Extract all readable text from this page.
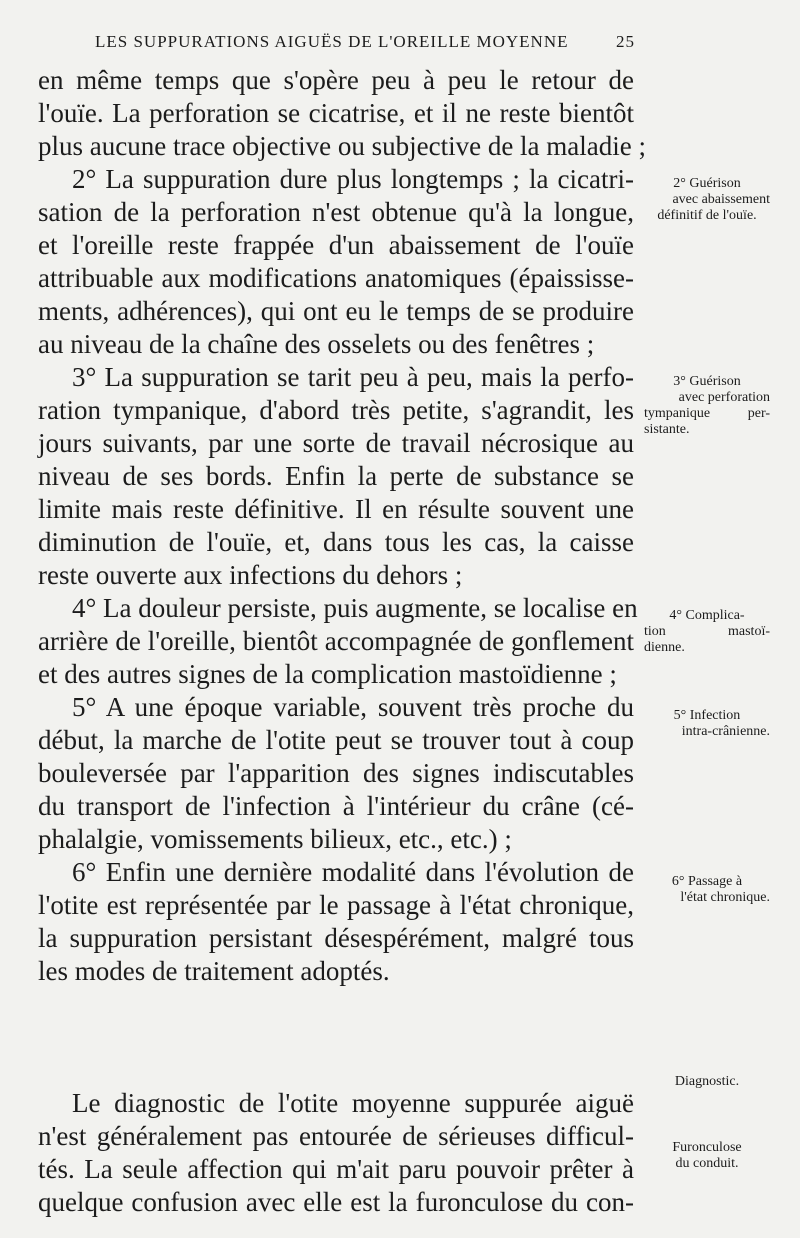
LES SUPPURATIONS AIGUËS DE L'OREILLE MOYENNE	25
en même temps que s'opère peu à peu le retour de
l'ouïe. La perforation se cicatrise, et il ne reste bientôt
plus aucune trace objective ou subjective de la maladie ;
2° La suppuration dure plus longtemps ; la cicatri-
sation de la perforation n'est obtenue qu'à la longue,
et l'oreille reste frappée d'un abaissement de l'ouïe
attribuable aux modifications anatomiques (épaississe-
ments, adhérences), qui ont eu le temps de se produire
au niveau de la chaîne des osselets ou des fenêtres ;
3° La suppuration se tarit peu à peu, mais la perfo-
ration tympanique, d'abord très petite, s'agrandit, les
jours suivants, par une sorte de travail nécrosique au
niveau de ses bords. Enfin la perte de substance se
limite mais reste définitive. Il en résulte souvent une
diminution de l'ouïe, et, dans tous les cas, la caisse
reste ouverte aux infections du dehors ;
4° La douleur persiste, puis augmente, se localise en
arrière de l'oreille, bientôt accompagnée de gonflement
et des autres signes de la complication mastoïdienne ;
5° A une époque variable, souvent très proche du
début, la marche de l'otite peut se trouver tout à coup
bouleversée par l'apparition des signes indiscutables
du transport de l'infection à l'intérieur du crâne (cé-
phalalgie, vomissements bilieux, etc., etc.) ;
6° Enfin une dernière modalité dans l'évolution de
l'otite est représentée par le passage à l'état chronique,
la suppuration persistant désespérément, malgré tous
les modes de traitement adoptés.
Le diagnostic de l'otite moyenne suppurée aiguë
n'est généralement pas entourée de sérieuses difficul-
tés. La seule affection qui m'ait paru pouvoir prêter à
quelque confusion avec elle est la furonculose du con-
2° Guérison
avec abaissement
définitif de l'ouïe.
3° Guérison
avec perforation
tympanique per-
sistante.
4° Complica-
tion mastoï-
dienne.
5° Infection
intra-crânienne.
6° Passage à
l'état chronique.
Diagnostic.
Furonculose
du conduit.
